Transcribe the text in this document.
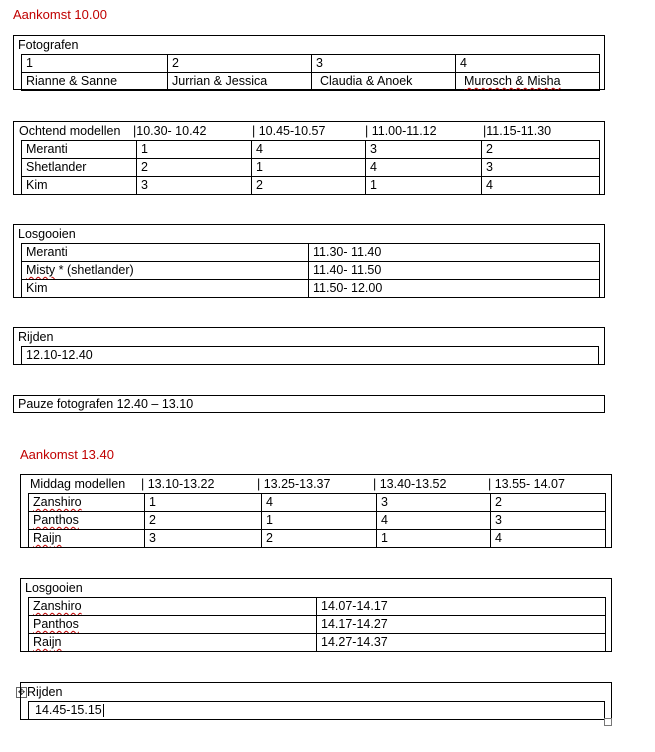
Aankomst 10.00
Fotografen
1	2	3	4
Rianne & Sanne	Jurrian & Jessica	Claudia & Anoek	Murosch & Misha
Ochtend modellen |10.30- 10.42	| 10.45-10.57	| 11.00-11.12	|11.15-11.30
Meranti	1	4	3	2
Shetlander	2	1	4	3
Kim	3	2	1	4
Losgooien
Meranti	11.30- 11.40
Misty * (shetlander)	11.40- 11.50
Kim	11.50- 12.00
Rijden
12.10-12.40
Pauze fotografen 12.40 – 13.10
Aankomst 13.40
Middag modellen | 13.10-13.22	| 13.25-13.37	| 13.40-13.52	| 13.55- 14.07
Zanshiro	1	4	3	2
Panthos	2	1	4	3
Raijn	3	2	1	4
Losgooien
Zanshiro	14.07-14.17
Panthos	14.17-14.27
Raijn	14.27-14.37
✥ Rijden
14.45-15.15
